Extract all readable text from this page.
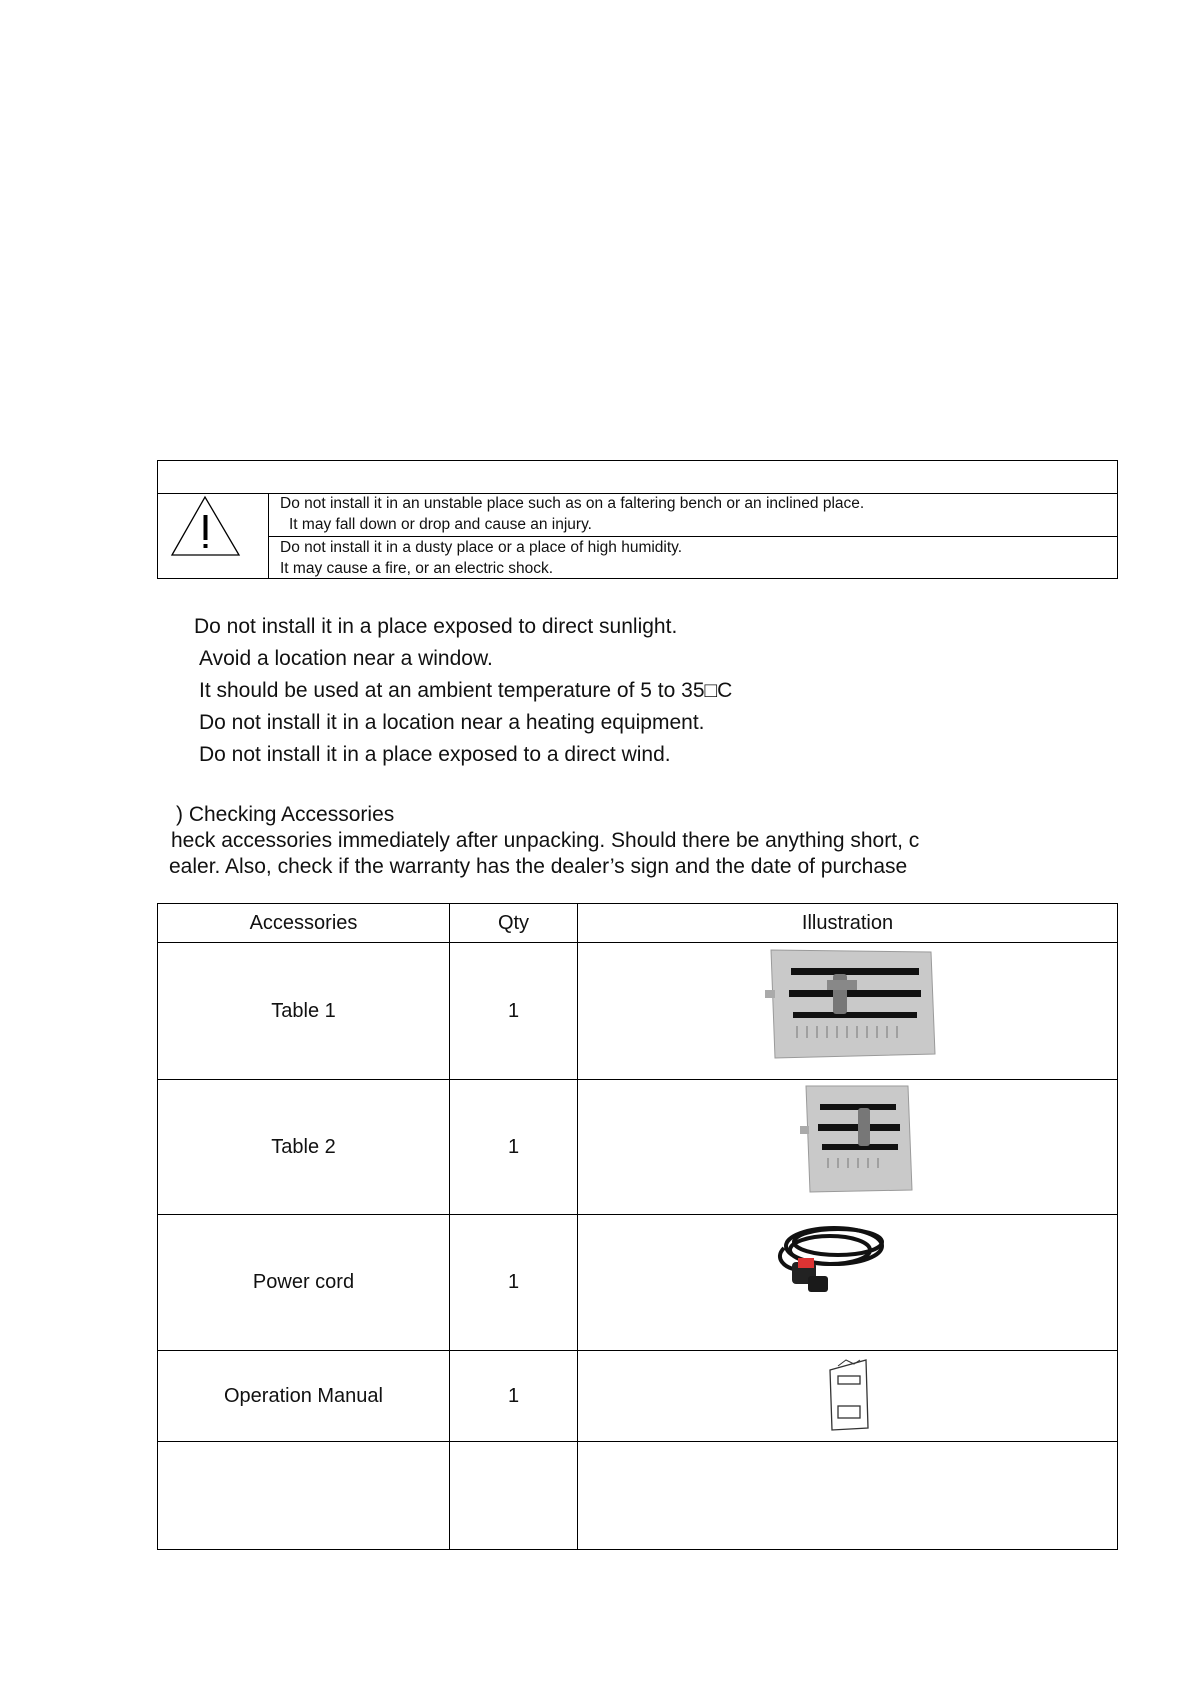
Do not install it in an unstable place such as on a faltering bench or an inclined place.
It may fall down or drop and cause an injury.
Do not install it in a dusty place or a place of high humidity.
It may cause a fire, or an electric shock.
Do not install it in a place exposed to direct sunlight.
Avoid a location near a window.
It should be used at an ambient temperature of 5 to 35□C
Do not install it in a location near a heating equipment.
Do not install it in a place exposed to a direct wind.
) Checking Accessories
heck accessories immediately after unpacking. Should there be anything short, c
ealer. Also, check if the warranty has the dealer’s sign and the date of purchase
Accessories	Qty	Illustration
Table 1	1
Table 2	1
Power cord	1
Operation Manual	1
